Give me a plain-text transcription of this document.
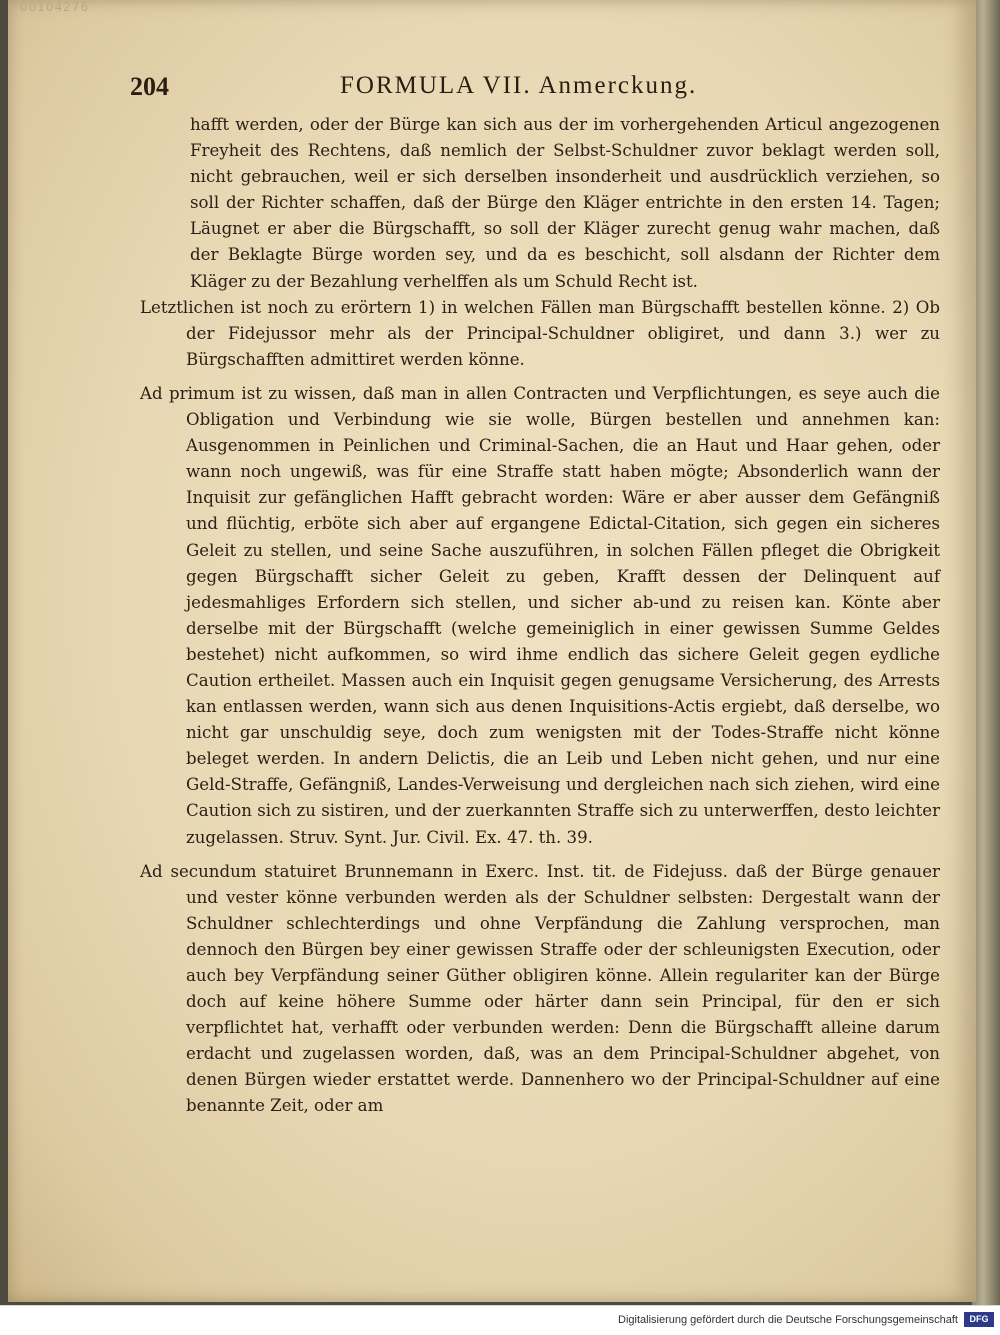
00104276
204	FORMULA VII. Anmerckung.

hafft werden, oder der Bürge kan sich aus der im vorhergehenden Articul angezogenen Freyheit des Rechtens, daß nemlich der Selbst-Schuldner zuvor beklagt werden soll, nicht gebrauchen, weil er sich derselben insonderheit und ausdrücklich verziehen, so soll der Richter schaffen, daß der Bürge den Kläger entrichte in den ersten 14. Tagen; Läugnet er aber die Bürgschafft, so soll der Kläger zurecht genug wahr machen, daß der Beklagte Bürge worden sey, und da es beschicht, soll alsdann der Richter dem Kläger zu der Bezahlung verhelffen als um Schuld Recht ist.

Letztlichen ist noch zu erörtern 1) in welchen Fällen man Bürgschafft bestellen könne. 2) Ob der Fidejussor mehr als der Principal-Schuldner obligiret, und dann 3.) wer zu Bürgschafften admittiret werden könne.

Ad primum ist zu wissen, daß man in allen Contracten und Verpflichtungen, es seye auch die Obligation und Verbindung wie sie wolle, Bürgen bestellen und annehmen kan: Ausgenommen in Peinlichen und Criminal-Sachen, die an Haut und Haar gehen, oder wann noch ungewiß, was für eine Straffe statt haben mögte; Absonderlich wann der Inquisit zur gefänglichen Hafft gebracht worden: Wäre er aber ausser dem Gefängniß und flüchtig, erböte sich aber auf ergangene Edictal-Citation, sich gegen ein sicheres Geleit zu stellen, und seine Sache auszuführen, in solchen Fällen pfleget die Obrigkeit gegen Bürgschafft sicher Geleit zu geben, Krafft dessen der Delinquent auf jedesmahliges Erfordern sich stellen, und sicher ab-und zu reisen kan. Könte aber derselbe mit der Bürgschafft (welche gemeiniglich in einer gewissen Summe Geldes bestehet) nicht aufkommen, so wird ihme endlich das sichere Geleit gegen eydliche Caution ertheilet. Massen auch ein Inquisit gegen genugsame Versicherung, des Arrests kan entlassen werden, wann sich aus denen Inquisitions-Actis ergiebt, daß derselbe, wo nicht gar unschuldig seye, doch zum wenigsten mit der Todes-Straffe nicht könne beleget werden. In andern Delictis, die an Leib und Leben nicht gehen, und nur eine Geld-Straffe, Gefängniß, Landes-Verweisung und dergleichen nach sich ziehen, wird eine Caution sich zu sistiren, und der zuerkannten Straffe sich zu unterwerffen, desto leichter zugelassen. Struv. Synt. Jur. Civil. Ex. 47. th. 39.

Ad secundum statuiret Brunnemann in Exerc. Inst. tit. de Fidejuss. daß der Bürge genauer und vester könne verbunden werden als der Schuldner selbsten: Dergestalt wann der Schuldner schlechterdings und ohne Verpfändung die Zahlung versprochen, man dennoch den Bürgen bey einer gewissen Straffe oder der schleunigsten Execution, oder auch bey Verpfändung seiner Güther obligiren könne. Allein regulariter kan der Bürge doch auf keine höhere Summe oder härter dann sein Principal, für den er sich verpflichtet hat, verhafft oder verbunden werden: Denn die Bürgschafft alleine darum erdacht und zugelassen worden, daß, was an dem Principal-Schuldner abgehet, von denen Bürgen wieder erstattet werde. Dannenhero wo der Principal-Schuldner auf eine benannte Zeit, oder am

Digitalisierung gefördert durch die Deutsche Forschungsgemeinschaft	DFG
